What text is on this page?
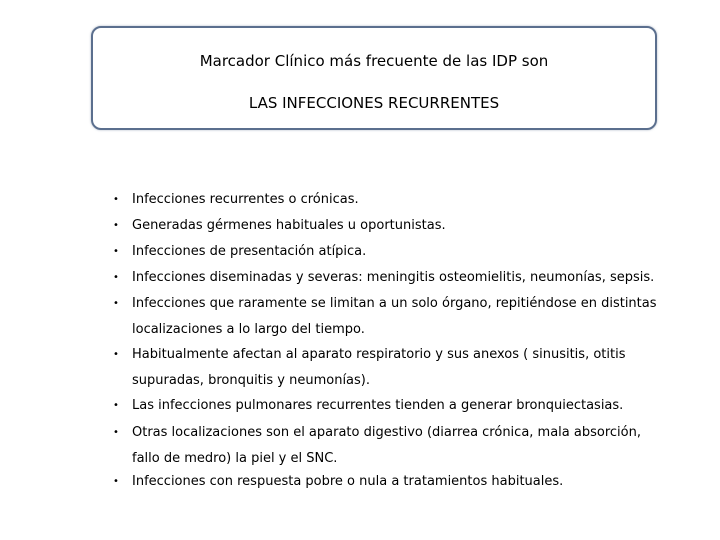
Marcador Clínico más frecuente de las IDP son
LAS INFECCIONES RECURRENTES
• Infecciones recurrentes o crónicas.
• Generadas gérmenes habituales u oportunistas.
• Infecciones de presentación atípica.
• Infecciones diseminadas y severas: meningitis osteomielitis, neumonías, sepsis.
• Infecciones que raramente se limitan a un solo órgano, repitiéndose en distintas
localizaciones a lo largo del tiempo.
• Habitualmente afectan al aparato respiratorio y sus anexos ( sinusitis, otitis
supuradas, bronquitis y neumonías).
• Las infecciones pulmonares recurrentes tienden a generar bronquiectasias.
• Otras localizaciones son el aparato digestivo (diarrea crónica, mala absorción,
fallo de medro) la piel y el SNC.
• Infecciones con respuesta pobre o nula a tratamientos habituales.
